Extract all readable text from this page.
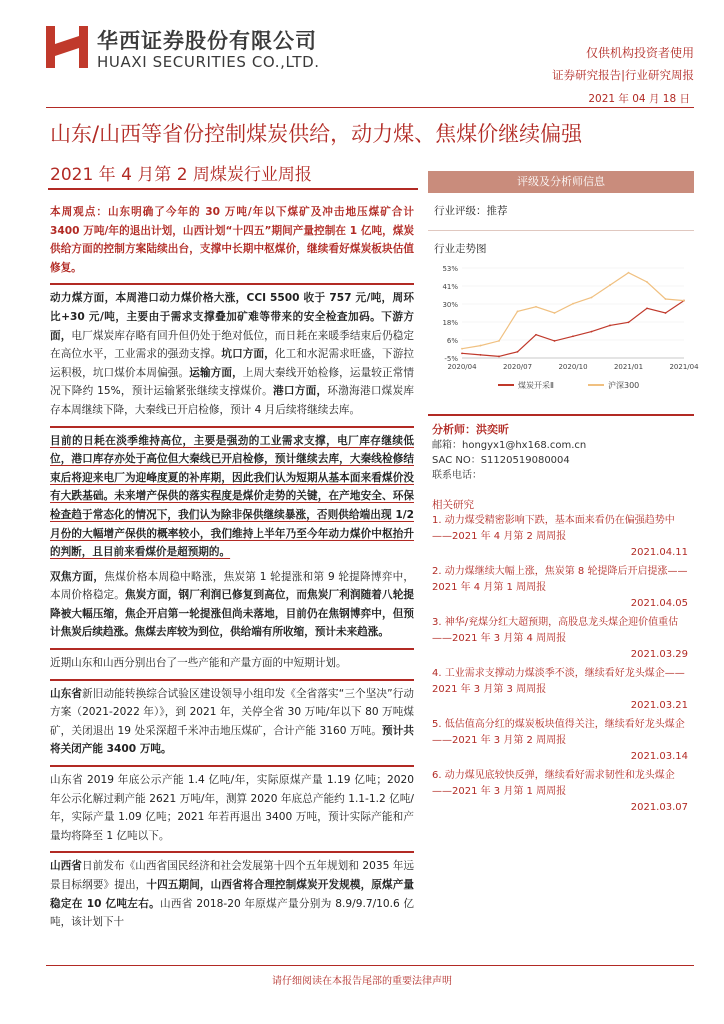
华西证券股份有限公司
HUAXI SECURITIES CO.,LTD.	仅供机构投资者使用
证券研究报告|行业研究周报
2021 年 04 月 18 日
山东/山西等省份控制煤炭供给，动力煤、焦煤价继续偏强
2021 年 4 月第 2 周煤炭行业周报

本周观点：山东明确了今年的 30 万吨/年以下煤矿及冲击地压煤矿合计 3400 万吨/年的退出计划，山西计划“十四五”期间产量控制在 1 亿吨，煤炭供给方面的控制方案陆续出台，支撑中长期中枢煤价，继续看好煤炭板块估值修复。

动力煤方面，本周港口动力煤价格大涨，CCI 5500 收于 757 元/吨，周环比+30 元/吨，主要由于需求支撑叠加矿难等带来的安全检查加码。下游方面，电厂煤炭库存略有回升但仍处于绝对低位，而日耗在来暖季结束后仍稳定在高位水平，工业需求的强劲支撑。坑口方面，化工和水泥需求旺盛，下游拉运积极，坑口煤价本周偏强。运输方面，上周大秦线开始检修，运量较正常情况下降约 15%，预计运输紧张继续支撑煤价。港口方面，环渤海港口煤炭库存本周继续下降，大秦线已开启检修，预计 4 月后续将继续去库。

目前的日耗在淡季维持高位，主要是强劲的工业需求支撑，电厂库存继续低位，港口库存亦处于高位但大秦线已开启检修，预计继续去库，大秦线检修结束后将迎来电厂为迎峰度夏的补库期，因此我们认为短期从基本面来看煤价没有大跌基础。未来增产保供的落实程度是煤价走势的关键，在产地安全、环保检查趋于常态化的情况下，我们认为除非保供继续暴涨，否则供给端出现 1/2 月份的大幅增产保供的概率较小，我们维持上半年乃至今年动力煤价中枢抬升的判断，且目前来看煤价是超预期的。

双焦方面，焦煤价格本周稳中略涨，焦炭第 1 轮提涨和第 9 轮提降博弈中，本周价格稳定。焦炭方面，钢厂利润已修复到高位，而焦炭厂利润随着八轮提降被大幅压缩，焦企开启第一轮提涨但尚未落地，目前仍在焦钢博弈中，但预计焦炭后续趋涨。焦煤去库较为到位，供给端有所收缩，预计未来趋涨。

近期山东和山西分别出台了一些产能和产量方面的中短期计划。

山东省新旧动能转换综合试验区建设领导小组印发《全省落实“三个坚决”行动方案（2021-2022 年）》，到 2021 年，关停全省 30 万吨/年以下 80 万吨煤矿，关闭退出 19 处采深超千米冲击地压煤矿，合计产能 3160 万吨。预计共将关闭产能 3400 万吨。

山东省 2019 年底公示产能 1.4 亿吨/年，实际原煤产量 1.19 亿吨；2020 年公示化解过剩产能 2621 万吨/年，测算 2020 年底总产能约 1.1-1.2 亿吨/年，实际产量 1.09 亿吨；2021 年若再退出 3400 万吨，预计实际产能和产量均将降至 1 亿吨以下。

山西省日前发布《山西省国民经济和社会发展第十四个五年规划和 2035 年远景目标纲要》提出，十四五期间，山西省将合理控制煤炭开发规模，原煤产量稳定在 10 亿吨左右。山西省 2018-20 年原煤产量分别为 8.9/9.7/10.6 亿吨，该计划下十

评级及分析师信息
行业评级：推荐
行业走势图
-5%
6%
18%
30%
41%
53%
2020/04	2020/07	2020/10	2021/01	2021/04
煤炭开采Ⅱ	沪深300
分析师：洪奕昕
邮箱：hongyx1@hx168.com.cn
SAC NO：S1120519080004
联系电话：
相关研究
1. 动力煤受精密影响下跌，基本面来看仍在偏强趋势中——2021 年 4 月第 2 周周报
2021.04.11
2. 动力煤继续大幅上涨，焦炭第 8 轮提降后开启提涨——2021 年 4 月第 1 周周报
2021.04.05
3. 神华/兖煤分红大超预期，高股息龙头煤企迎价值重估——2021 年 3 月第 4 周周报
2021.03.29
4. 工业需求支撑动力煤淡季不淡，继续看好龙头煤企——2021 年 3 月第 3 周周报
2021.03.21
5. 低估值高分红的煤炭板块值得关注，继续看好龙头煤企——2021 年 3 月第 2 周周报
2021.03.14
6. 动力煤见底较快反弹，继续看好需求韧性和龙头煤企——2021 年 3 月第 1 周周报
2021.03.07
请仔细阅读在本报告尾部的重要法律声明
